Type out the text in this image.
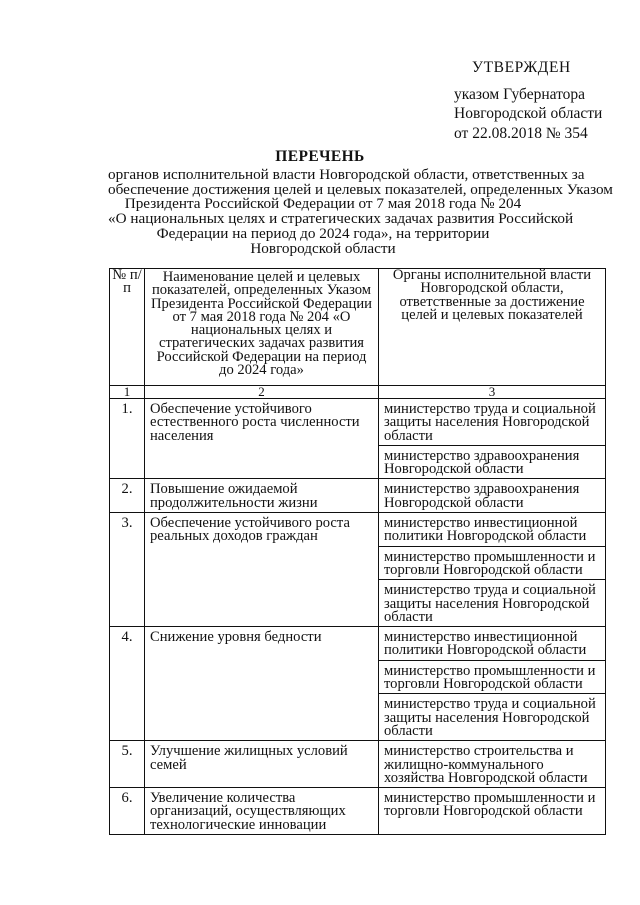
УТВЕРЖДЕН
указом Губернатора
Новгородской области
от 22.08.2018 № 354
ПЕРЕЧЕНЬ
органов исполнительной власти Новгородской области, ответственных за
обеспечение достижения целей и целевых показателей, определенных Указом
Президента Российской Федерации от 7 мая 2018 года № 204
«О национальных целях и стратегических задачах развития Российской
Федерации на период до 2024 года», на территории
Новгородской области
№ п/п	Наименование целей и целевых показателей, определенных Указом Президента Российской Федерации от 7 мая 2018 года № 204 «О национальных целях и стратегических задачах развития Российской Федерации на период до 2024 года»	Органы исполнительной власти Новгородской области, ответственные за достижение целей и целевых показателей
1	2	3
1.	Обеспечение устойчивого естественного роста численности населения	министерство труда и социальной защиты населения Новгородской области
министерство здравоохранения Новгородской области

2.	Повышение ожидаемой продолжительности жизни	министерство здравоохранения Новгородской области

3.	Обеспечение устойчивого роста реальных доходов граждан	министерство инвестиционной политики Новгородской области
министерство промышленности и торговли Новгородской области
министерство труда и социальной защиты населения Новгородской области

4.	Снижение уровня бедности	министерство инвестиционной политики Новгородской области
министерство промышленности и торговли Новгородской области
министерство труда и социальной защиты населения Новгородской области

5.	Улучшение жилищных условий семей	министерство строительства и жилищно-коммунального хозяйства Новгородской области

6.	Увеличение количества организаций, осуществляющих технологические инновации	министерство промышленности и торговли Новгородской области
